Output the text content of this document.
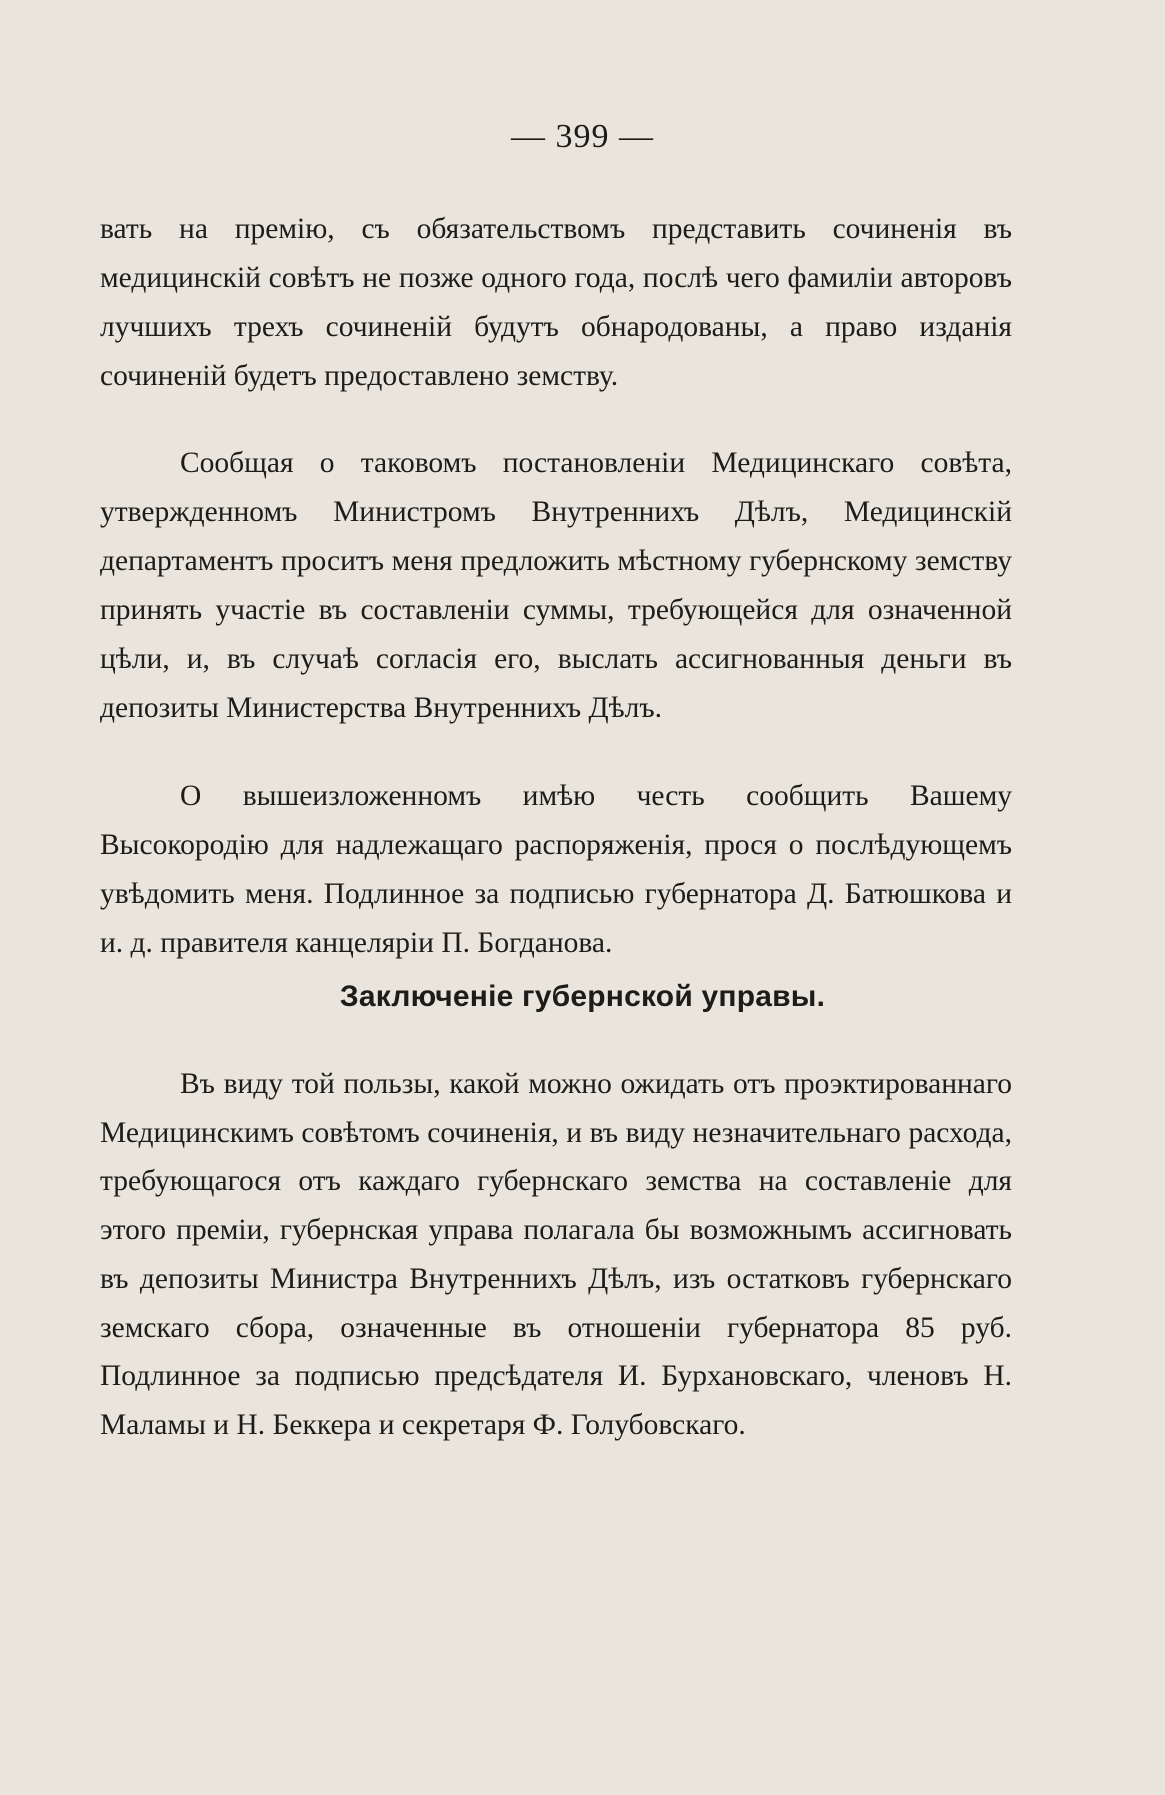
— 399 —

вать на премію, съ обязательствомъ представить сочиненія въ медицинскій совѣтъ не позже одного года, послѣ чего фамиліи авторовъ лучшихъ трехъ сочиненій будутъ обнародованы, а право изданія сочиненій будетъ предоставлено земству.

Сообщая о таковомъ постановленіи Медицинскаго совѣта, утвержденномъ Министромъ Внутреннихъ Дѣлъ, Медицинскій департаментъ проситъ меня предложить мѣстному губернскому земству принять участіе въ составленіи суммы, требующейся для означенной цѣли, и, въ случаѣ согласія его, выслать ассигнованныя деньги въ депозиты Министерства Внутреннихъ Дѣлъ.

О вышеизложенномъ имѣю честь сообщить Вашему Высокородію для надлежащаго распоряженія, прося о послѣдующемъ увѣдомить меня. Подлинное за подписью губернатора Д. Батюшкова и и. д. правителя канцеляріи П. Богданова.

Заключеніе губернской управы.

Въ виду той пользы, какой можно ожидать отъ проэктированнаго Медицинскимъ совѣтомъ сочиненія, и въ виду незначительнаго расхода, требующагося отъ каждаго губернскаго земства на составленіе для этого преміи, губернская управа полагала бы возможнымъ ассигновать въ депозиты Министра Внутреннихъ Дѣлъ, изъ остатковъ губернскаго земскаго сбора, означенные въ отношеніи губернатора 85 руб. Подлинное за подписью предсѣдателя И. Бурхановскаго, членовъ Н. Маламы и Н. Беккера и секретаря Ф. Голубовскаго.
